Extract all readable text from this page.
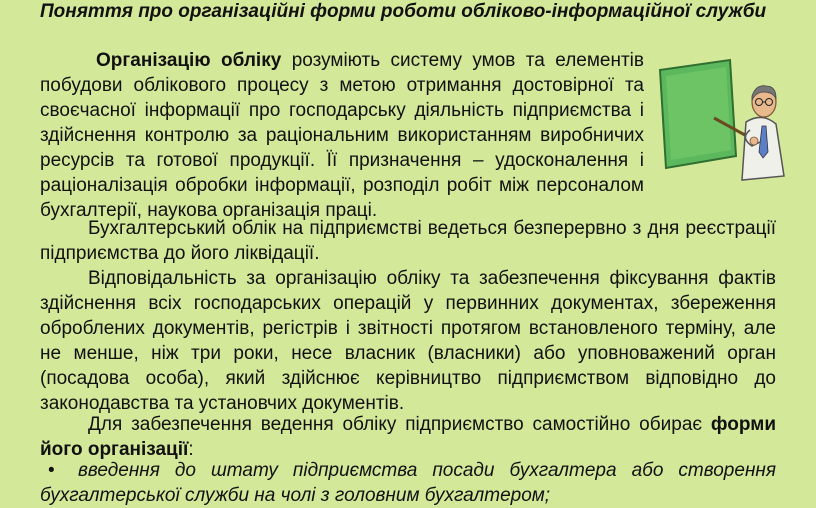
Поняття про організаційні форми роботи обліково-інформаційної служби
Організацію обліку розуміють систему умов та елементів побудови облікового процесу з метою отримання достовірної та своєчасної інформації про господарську діяльність підприємства і здійснення контролю за раціональним використанням виробничих ресурсів та готової продукції. Її призначення – удосконалення і раціоналізація обробки інформації, розподіл робіт між персоналом бухгалтерії, наукова організація праці.
Бухгалтерський облік на підприємстві ведеться безперервно з дня реєстрації підприємства до його ліквідації.
Відповідальність за організацію обліку та забезпечення фіксування фактів здійснення всіх господарських операцій у первинних документах, збереження оброблених документів, регістрів і звітності протягом встановленого терміну, але не менше, ніж три роки, несе власник (власники) або уповноважений орган (посадова особа), який здійснює керівництво підприємством відповідно до законодавства та установчих документів.
Для забезпечення ведення обліку підприємство самостійно обирає форми його організації:
• введення до штату підприємства посади бухгалтера або створення бухгалтерської служби на чолі з головним бухгалтером;
